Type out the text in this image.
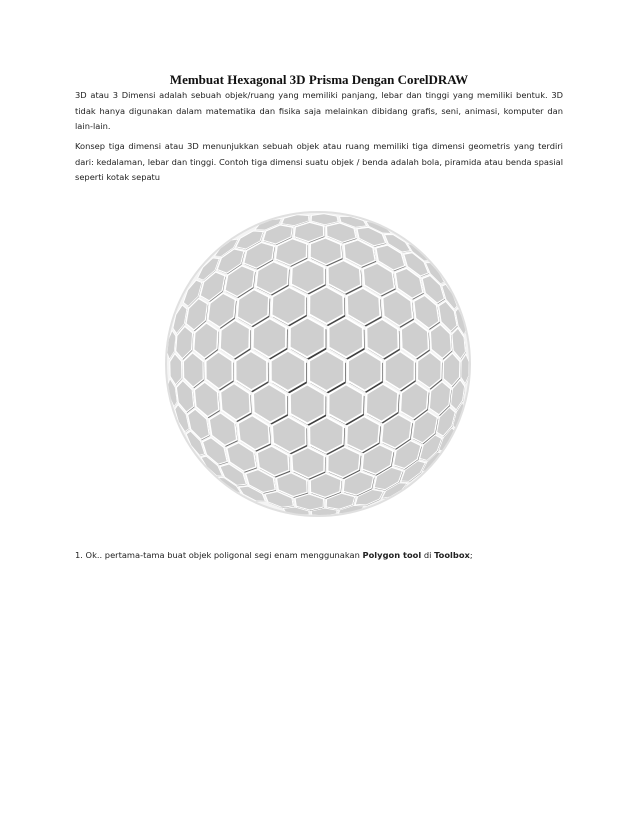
Membuat Hexagonal 3D Prisma Dengan CorelDRAW

3D atau 3 Dimensi adalah sebuah objek/ruang yang memiliki panjang, lebar dan tinggi yang memiliki bentuk. 3D tidak hanya digunakan dalam matematika dan fisika saja melainkan dibidang grafis, seni, animasi, komputer dan lain-lain.

Konsep tiga dimensi atau 3D menunjukkan sebuah objek atau ruang memiliki tiga dimensi geometris yang terdiri dari: kedalaman, lebar dan tinggi. Contoh tiga dimensi suatu objek / benda adalah bola, piramida atau benda spasial seperti kotak sepatu

1. Ok.. pertama-tama buat objek poligonal segi enam menggunakan Polygon tool di Toolbox;
